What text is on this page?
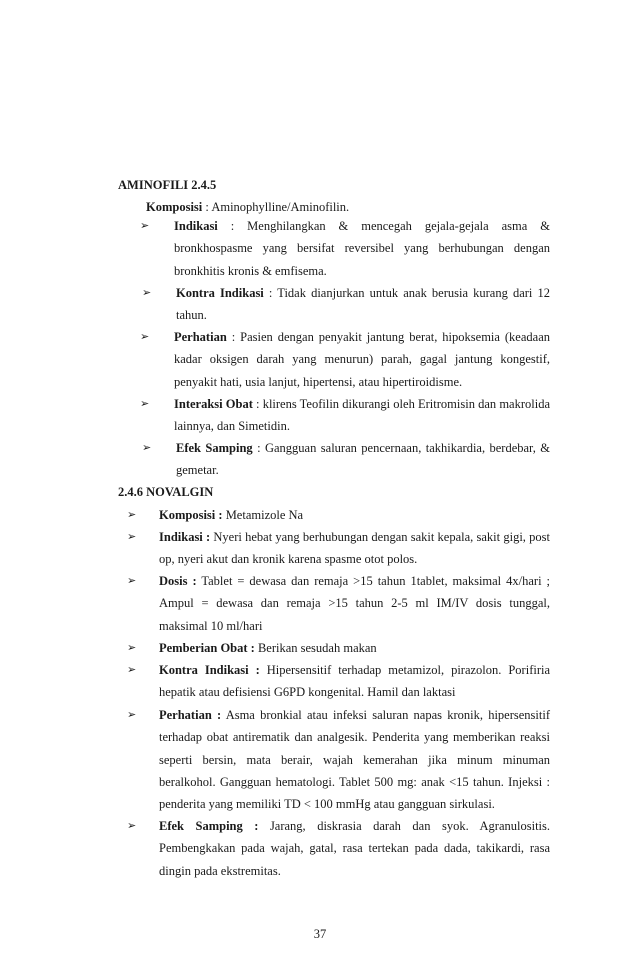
AMINOFILI 2.4.5
Komposisi : Aminophylline/Aminofilin.
➢	Indikasi : Menghilangkan & mencegah gejala-gejala asma & bronkhospasme yang bersifat reversibel yang berhubungan dengan bronkhitis kronis & emfisema.
➢	Kontra Indikasi : Tidak dianjurkan untuk anak berusia kurang dari 12 tahun.
➢	Perhatian : Pasien dengan penyakit jantung berat, hipoksemia (keadaan kadar oksigen darah yang menurun) parah, gagal jantung kongestif, penyakit hati, usia lanjut, hipertensi, atau hipertiroidisme.
➢	Interaksi Obat : klirens Teofilin dikurangi oleh Eritromisin dan makrolida lainnya, dan Simetidin.
➢	Efek Samping : Gangguan saluran pencernaan, takhikardia, berdebar, & gemetar.
2.4.6 NOVALGIN
➢	Komposisi : Metamizole Na
➢	Indikasi : Nyeri hebat yang berhubungan dengan sakit kepala, sakit gigi, post op, nyeri akut dan kronik karena spasme otot polos.
➢	Dosis : Tablet = dewasa dan remaja >15 tahun 1tablet, maksimal 4x/hari ; Ampul = dewasa dan remaja >15 tahun 2-5 ml IM/IV dosis tunggal, maksimal 10 ml/hari
➢	Pemberian Obat : Berikan sesudah makan
➢	Kontra Indikasi : Hipersensitif terhadap metamizol, pirazolon. Porifiria hepatik atau defisiensi G6PD kongenital. Hamil dan laktasi
➢	Perhatian : Asma bronkial atau infeksi saluran napas kronik, hipersensitif terhadap obat antirematik dan analgesik. Penderita yang memberikan reaksi seperti bersin, mata berair, wajah kemerahan jika minum minuman beralkohol. Gangguan hematologi. Tablet 500 mg: anak <15 tahun. Injeksi : penderita yang memiliki TD < 100 mmHg atau gangguan sirkulasi.
➢	Efek Samping : Jarang, diskrasia darah dan syok. Agranulositis. Pembengkakan pada wajah, gatal, rasa tertekan pada dada, takikardi, rasa dingin pada ekstremitas.
37
